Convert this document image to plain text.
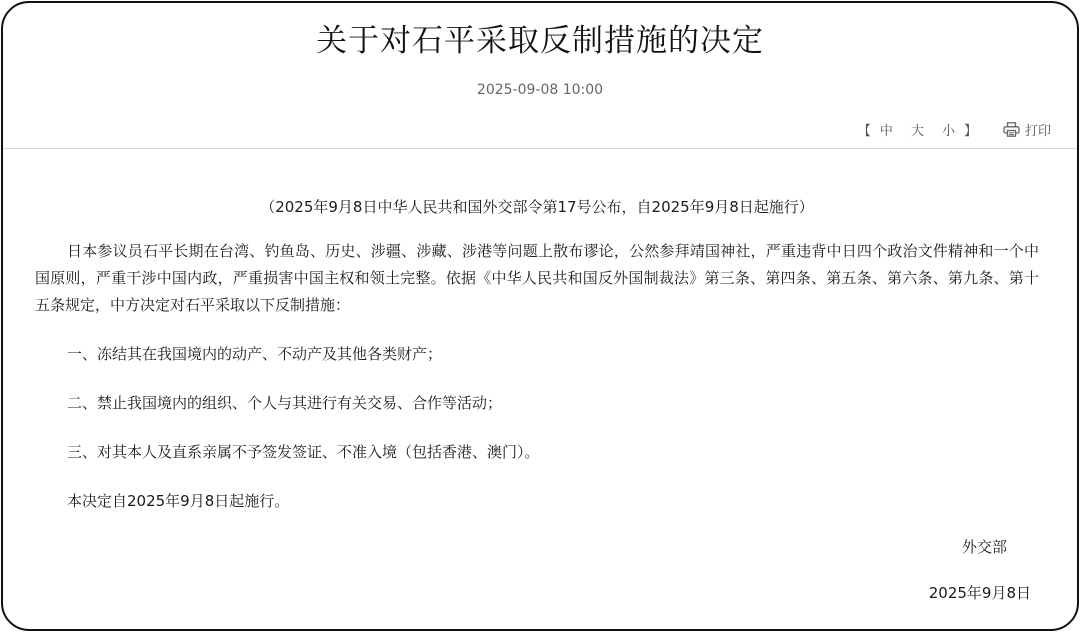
关于对石平采取反制措施的决定
2025-09-08 10:00
【 中 大 小 】	打印

（2025年9月8日中华人民共和国外交部令第17号公布，自2025年9月8日起施行）

日本参议员石平长期在台湾、钓鱼岛、历史、涉疆、涉藏、涉港等问题上散布谬论，公然参拜靖国神社，严重违背中日四个政治文件精神和一个中国原则，严重干涉中国内政，严重损害中国主权和领土完整。依据《中华人民共和国反外国制裁法》第三条、第四条、第五条、第六条、第九条、第十五条规定，中方决定对石平采取以下反制措施：

一、冻结其在我国境内的动产、不动产及其他各类财产；

二、禁止我国境内的组织、个人与其进行有关交易、合作等活动；

三、对其本人及直系亲属不予签发签证、不准入境（包括香港、澳门）。

本决定自2025年9月8日起施行。

外交部
2025年9月8日
